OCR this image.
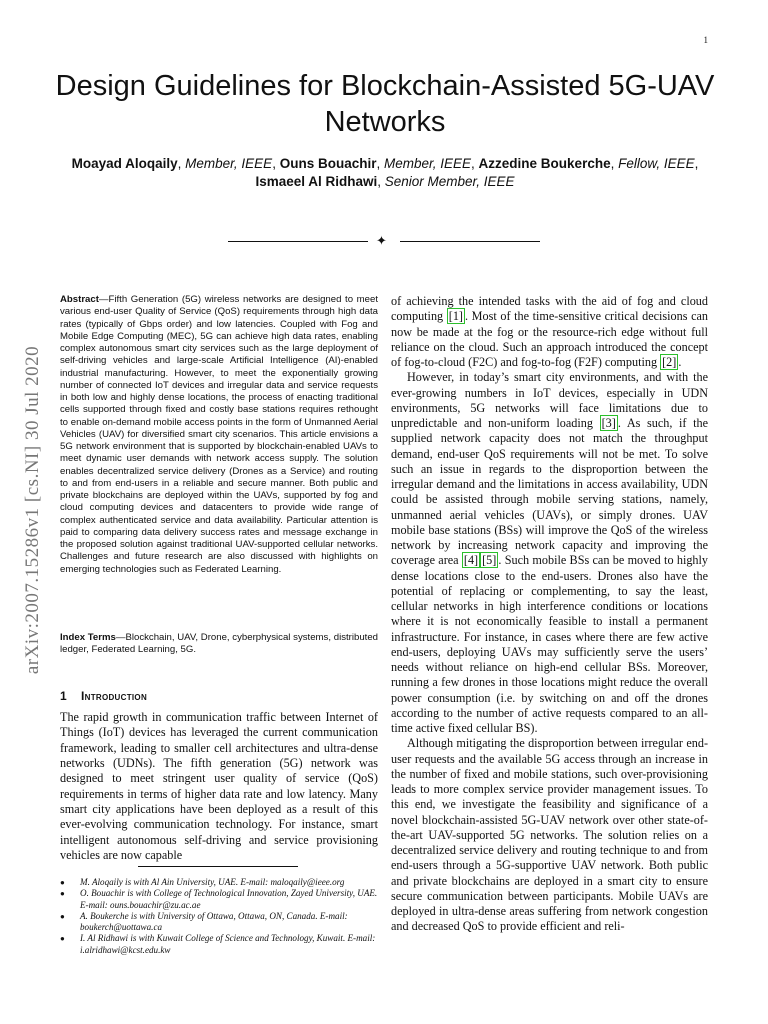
1
Design Guidelines for Blockchain-Assisted 5G-UAV Networks
Moayad Aloqaily, Member, IEEE, Ouns Bouachir, Member, IEEE, Azzedine Boukerche, Fellow, IEEE,
Ismaeel Al Ridhawi, Senior Member, IEEE
✦
arXiv:2007.15286v1 [cs.NI] 30 Jul 2020
Abstract—Fifth Generation (5G) wireless networks are designed to meet various end-user Quality of Service (QoS) requirements through high data rates (typically of Gbps order) and low latencies. Coupled with Fog and Mobile Edge Computing (MEC), 5G can achieve high data rates, enabling complex autonomous smart city services such as the large deployment of self-driving vehicles and large-scale Artificial Intelligence (AI)-enabled industrial manufacturing. However, to meet the exponentially growing number of connected IoT devices and irregular data and service requests in both low and highly dense locations, the process of enacting traditional cells supported through fixed and costly base stations requires rethought to enable on-demand mobile access points in the form of Unmanned Aerial Vehicles (UAV) for diversified smart city scenarios. This article envisions a 5G network environment that is supported by blockchain-enabled UAVs to meet dynamic user demands with network access supply. The solution enables decentralized service delivery (Drones as a Service) and routing to and from end-users in a reliable and secure manner. Both public and private blockchains are deployed within the UAVs, supported by fog and cloud computing devices and datacenters to provide wide range of complex authenticated service and data availability. Particular attention is paid to comparing data delivery success rates and message exchange in the proposed solution against traditional UAV-supported cellular networks. Challenges and future research are also discussed with highlights on emerging technologies such as Federated Learning.
Index Terms—Blockchain, UAV, Drone, cyberphysical systems, distributed ledger, Federated Learning, 5G.
1 Introduction
The rapid growth in communication traffic between Internet of Things (IoT) devices has leveraged the current communication framework, leading to smaller cell architectures and ultra-dense networks (UDNs). The fifth generation (5G) network was designed to meet stringent user quality of service (QoS) requirements in terms of higher data rate and low latency. Many smart city applications have been deployed as a result of this ever-evolving communication technology. For instance, smart intelligent autonomous self-driving and service provisioning vehicles are now capable
●	M. Aloqaily is with Al Ain University, UAE. E-mail: maloqaily@ieee.org
●	O. Bouachir is with College of Technological Innovation, Zayed University, UAE. E-mail: ouns.bouachir@zu.ac.ae
●	A. Boukerche is with University of Ottawa, Ottawa, ON, Canada. E-mail: boukerch@uottawa.ca
●	I. Al Ridhawi is with Kuwait College of Science and Technology, Kuwait. E-mail: i.alridhawi@kcst.edu.kw

of achieving the intended tasks with the aid of fog and cloud computing [1] . Most of the time-sensitive critical decisions can now be made at the fog or the resource-rich edge without full reliance on the cloud. Such an approach introduced the concept of fog-to-cloud (F2C) and fog-to-fog (F2F) computing [2] .

However, in today’s smart city environments, and with the ever-growing numbers in IoT devices, especially in UDN environments, 5G networks will face limitations due to unpredictable and non-uniform loading [3] . As such, if the supplied network capacity does not match the throughput demand, end-user QoS requirements will not be met. To solve such an issue in regards to the disproportion between the irregular demand and the limitations in access availability, UDN could be assisted through mobile serving stations, namely, unmanned aerial vehicles (UAVs), or simply drones. UAV mobile base stations (BSs) will improve the QoS of the wireless network by increasing network capacity and improving the coverage area [4] [5] . Such mobile BSs can be moved to highly dense locations close to the end-users. Drones also have the potential of replacing or complementing, to say the least, cellular networks in high interference conditions or locations where it is not economically feasible to install a permanent infrastructure. For instance, in cases where there are few active end-users, deploying UAVs may sufficiently serve the users’ needs without reliance on high-end cellular BSs. Moreover, running a few drones in those locations might reduce the overall power consumption (i.e. by switching on and off the drones according to the number of active requests compared to an all-time active fixed cellular BS).

Although mitigating the disproportion between irregular end-user requests and the available 5G access through an increase in the number of fixed and mobile stations, such over-provisioning leads to more complex service provider management issues. To this end, we investigate the feasibility and significance of a novel blockchain-assisted 5G-UAV network over other state-of-the-art UAV-supported 5G networks. The solution relies on a decentralized service delivery and routing technique to and from end-users through a 5G-supportive UAV network. Both public and private blockchains are deployed in a smart city to ensure secure communication between participants. Mobile UAVs are deployed in ultra-dense areas suffering from network congestion and decreased QoS to provide efficient and reli-
